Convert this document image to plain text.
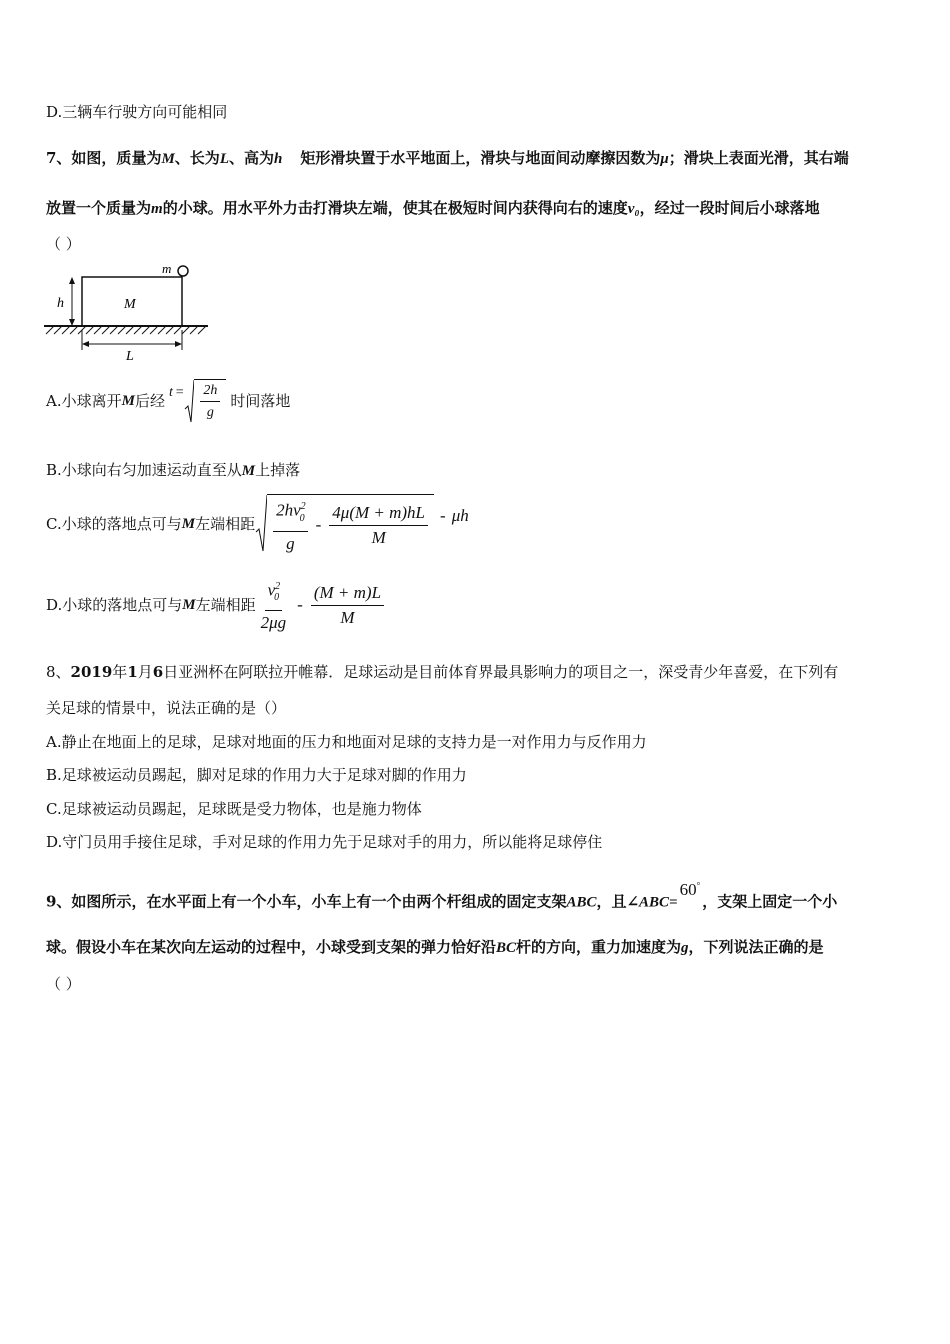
D.三辆车行驶方向可能相同
7、如图，质量为M、长为L、高为h 矩形滑块置于水平地面上，滑块与地面间动摩擦因数为μ；滑块上表面光滑，其右端
放置一个质量为m的小球。用水平外力击打滑块左端，使其在极短时间内获得向右的速度v₀，经过一段时间后小球落地
（ ）
m
M
h
L
A.小球离开 M 后经 $t = \frac{2h}{g}$ 时间落地
B.小球向右匀加速运动直至从M上掉落
C.小球的落地点可与 M 左端相距 $\frac{2hv^2_0}{g} - \frac{4\mu(M + m)hL}{M}$ - μh
D.小球的落地点可与 M 左端相距 $\frac{v^2_0}{2\mu g} - \frac{(M + m)L}{M}$
8、2019年1月6日亚洲杯在阿联拉开帷幕．足球运动是目前体育界最具影响力的项目之一，深受青少年喜爱，在下列有
关足球的情景中，说法正确的是（）
A.静止在地面上的足球，足球对地面的压力和地面对足球的支持力是一对作用力与反作用力
B.足球被运动员踢起，脚对足球的作用力大于足球对脚的作用力
C.足球被运动员踢起，足球既是受力物体，也是施力物体
D.守门员用手接住足球，手对足球的作用力先于足球对手的用力，所以能将足球停住
9、如图所示，在水平面上有一个小车，小车上有一个由两个杆组成的固定支架ABC，且∠ABC=60°，支架上固定一个小
球。假设小车在某次向左运动的过程中，小球受到支架的弹力恰好沿BC杆的方向，重力加速度为g，下列说法正确的是
（ ）
